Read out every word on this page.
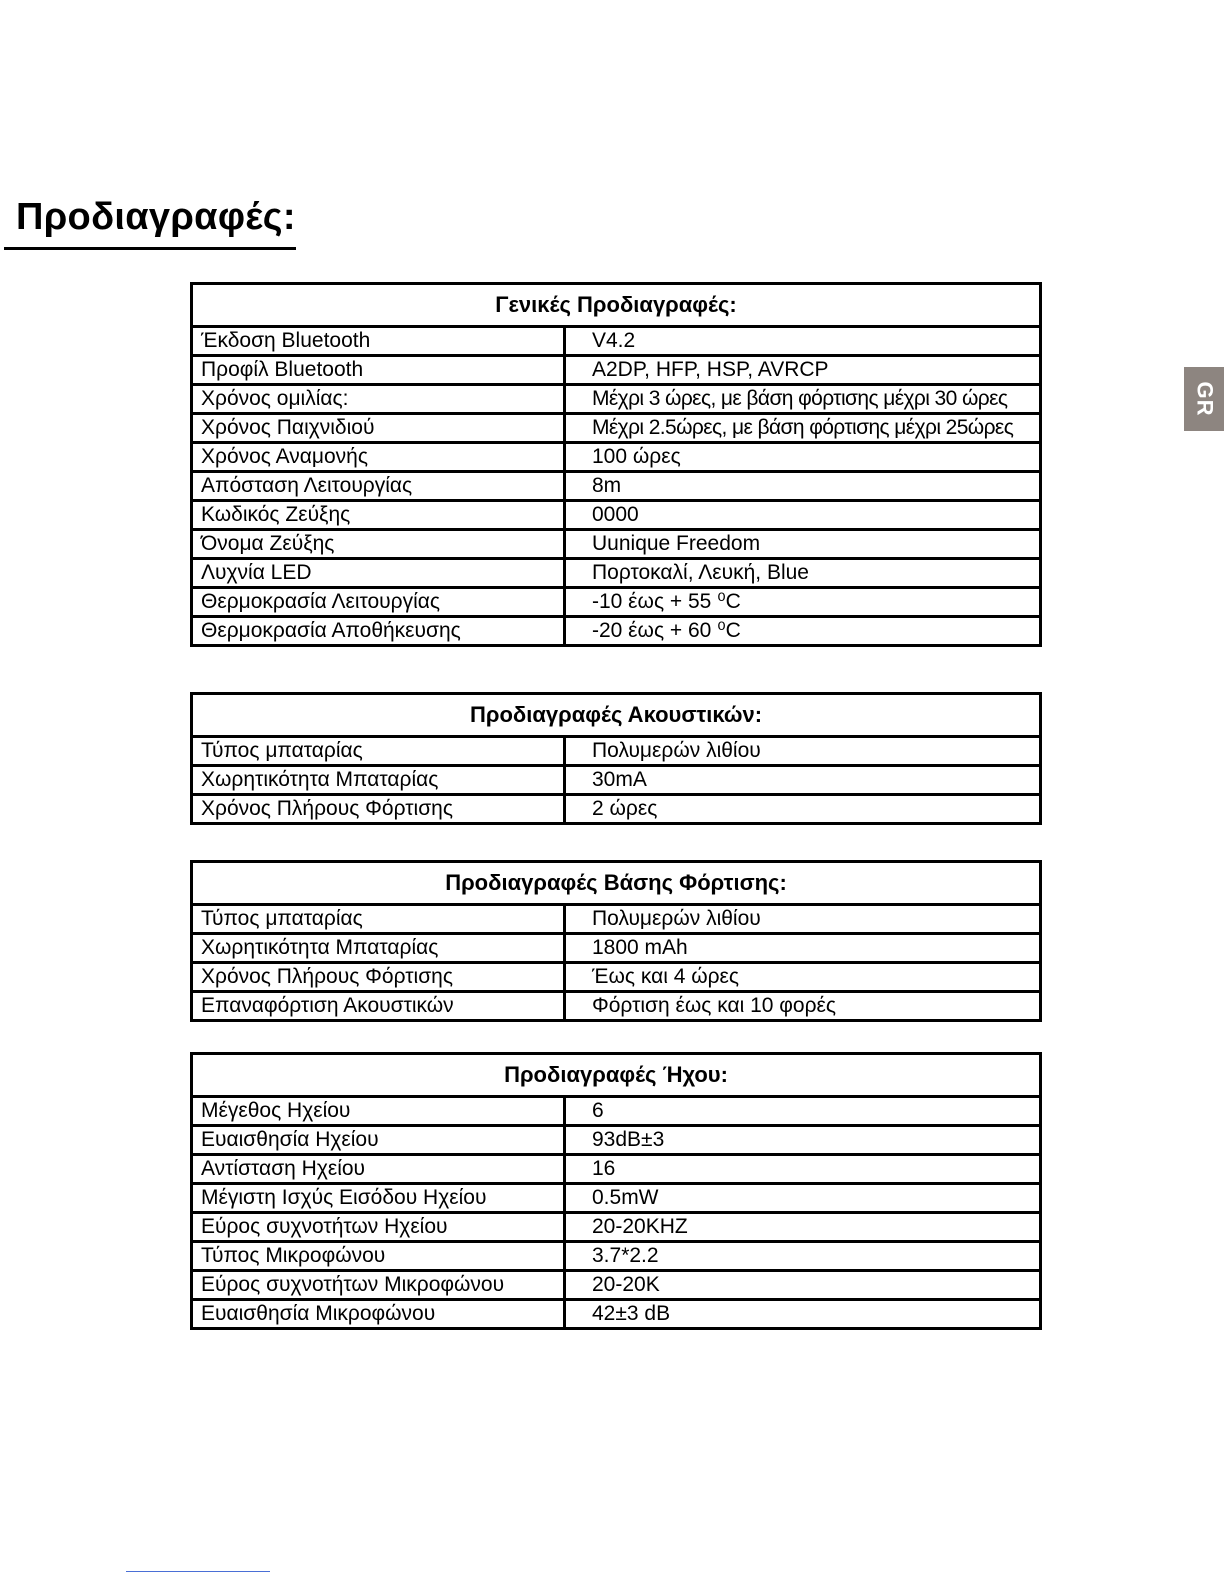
Προδιαγραφές:
GR
Γενικές Προδιαγραφές:	
Έκδοση Bluetooth	V4.2
Προφίλ Bluetooth	A2DP, HFP, HSP, AVRCP
Χρόνος ομιλίας:	Μέχρι 3 ώρες, με βάση φόρτισης μέχρι 30 ώρες
Χρόνος Παιχνιδιού	Μέχρι 2.5ώρες, με βάση φόρτισης μέχρι 25ώρες
Χρόνος Αναμονής	100 ώρες
Απόσταση Λειτουργίας	8m
Κωδικός Ζεύξης	0000
Όνομα Ζεύξης	Uunique Freedom
Λυχνία LED	Πορτοκαλί, Λευκή, Blue
Θερμοκρασία Λειτουργίας	-10 έως + 55 ⁰C
Θερμοκρασία Αποθήκευσης	-20 έως + 60 ⁰C
Προδιαγραφές Ακουστικών:	
Τύπος μπαταρίας	Πολυμερών λιθίου
Χωρητικότητα Μπαταρίας	30mA
Χρόνος Πλήρους Φόρτισης	2 ώρες
Προδιαγραφές Βάσης Φόρτισης:	
Τύπος μπαταρίας	Πολυμερών λιθίου
Χωρητικότητα Μπαταρίας	1800 mAh
Χρόνος Πλήρους Φόρτισης	Έως και 4 ώρες
Επαναφόρτιση Ακουστικών	Φόρτιση έως και 10 φορές
Προδιαγραφές Ήχου:	
Μέγεθος Ηχείου	6
Ευαισθησία Ηχείου	93dB±3
Αντίσταση Ηχείου	16
Μέγιστη Ισχύς Εισόδου Ηχείου	0.5mW
Εύρος συχνοτήτων Ηχείου	20-20KHZ
Τύπος Μικροφώνου	3.7*2.2
Εύρος συχνοτήτων Μικροφώνου	20-20K
Ευαισθησία Μικροφώνου	42±3 dB
